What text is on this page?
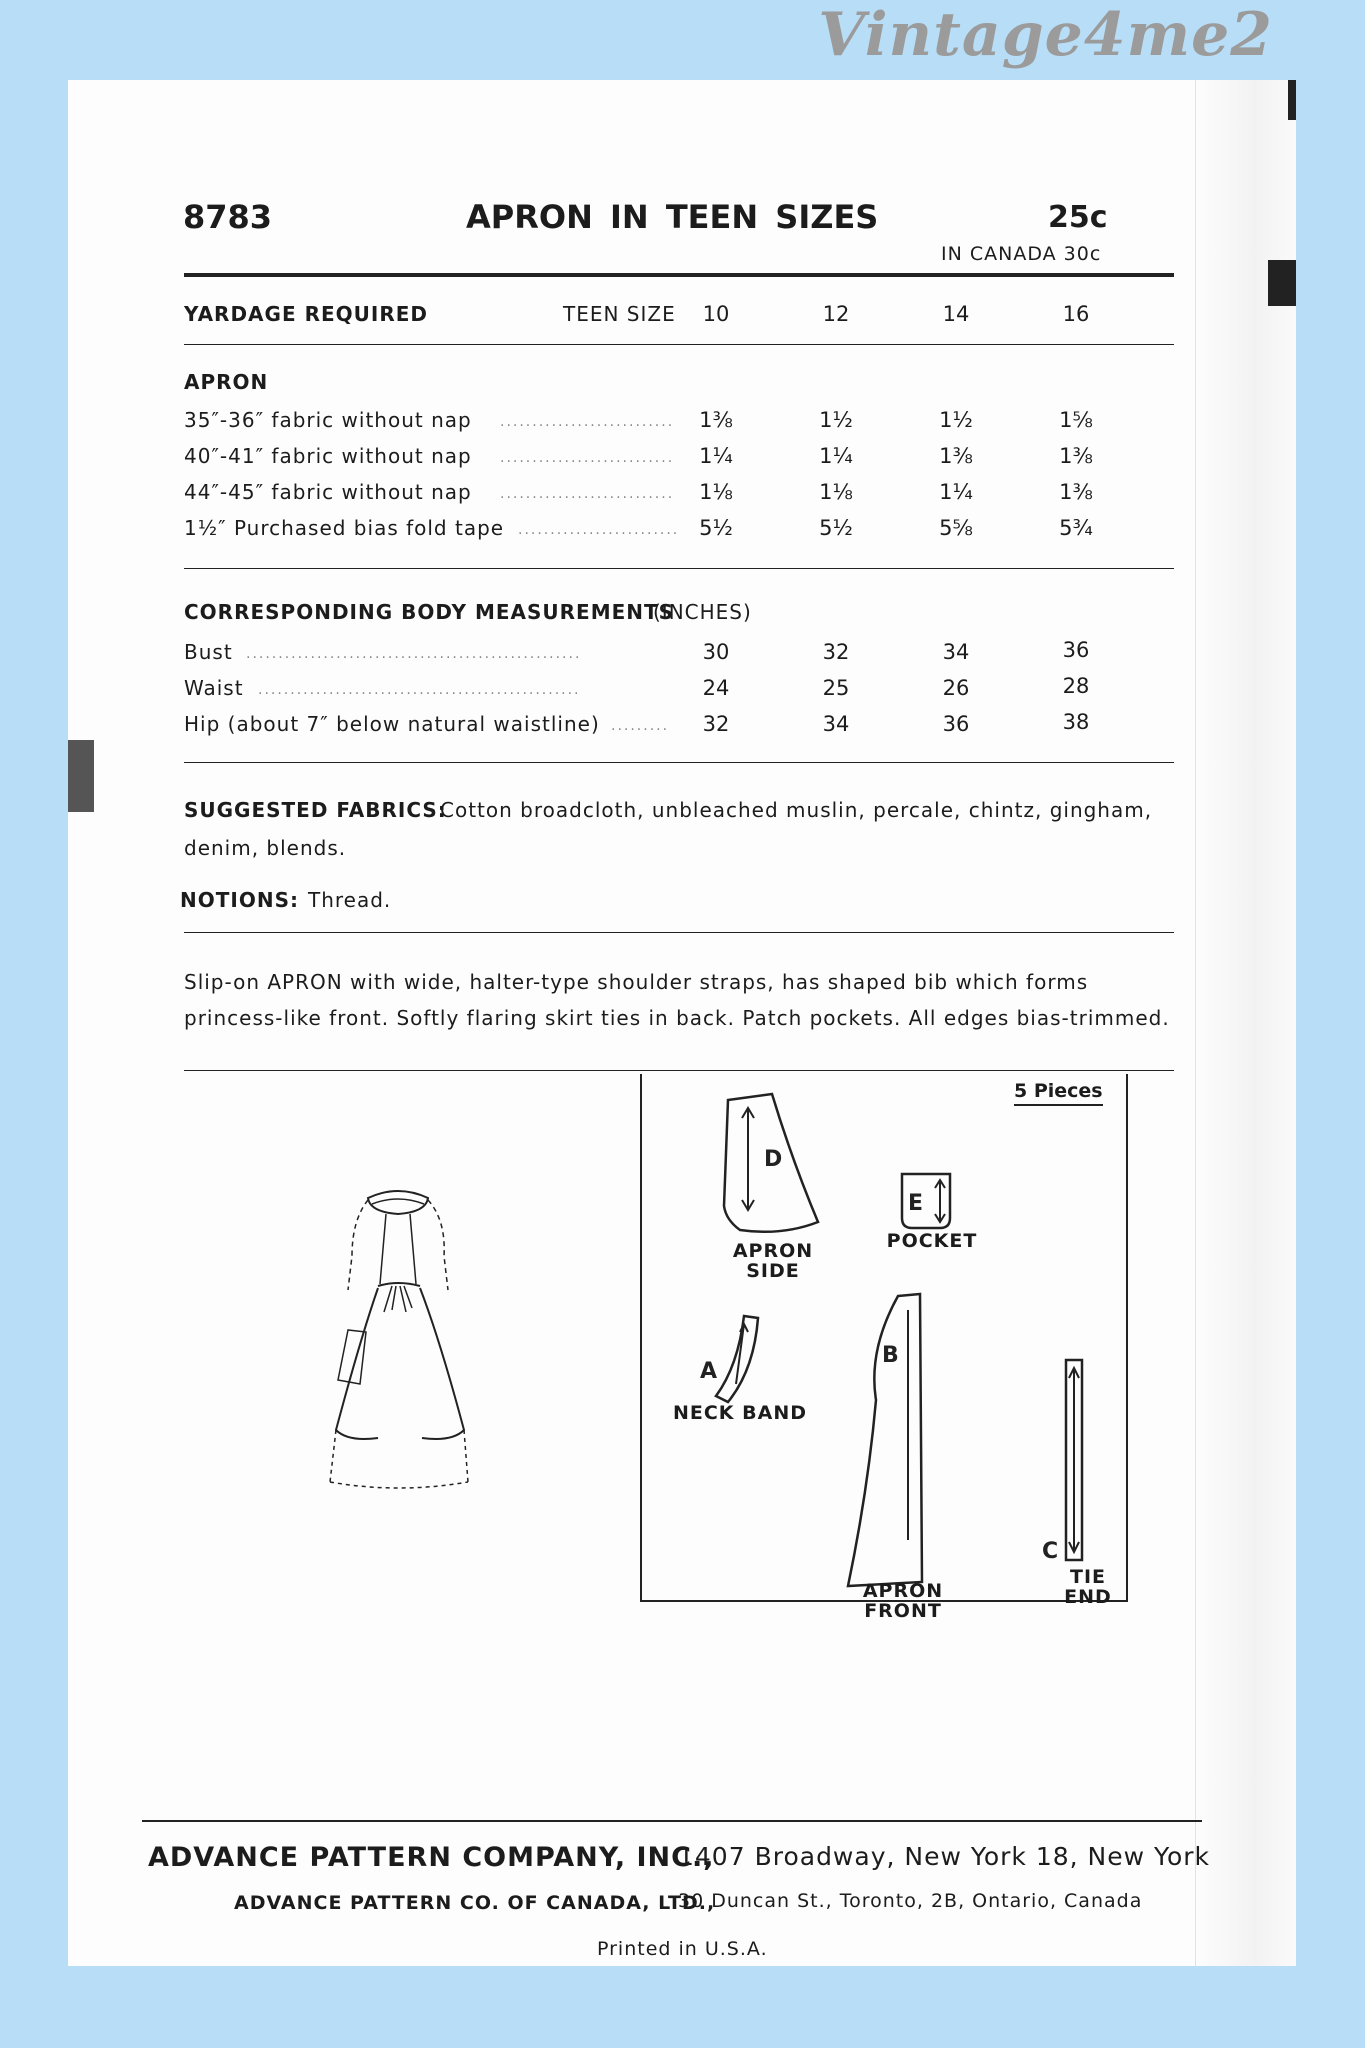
Vintage4me2
8783	APRON IN TEEN SIZES	25c
IN CANADA 30c
YARDAGE REQUIRED	TEEN SIZE	10	12	14	16
APRON
35″-36″ fabric without nap ...........................	1⅜	1½	1½	1⅝
40″-41″ fabric without nap ...........................	1¼	1¼	1⅜	1⅜
44″-45″ fabric without nap ...........................	1⅛	1⅛	1¼	1⅜
1½″ Purchased bias fold tape ......................... 5½	5½	5⅝	5¾
CORRESPONDING BODY MEASUREMENTS
(INCHES)
Bust ....................................................	30	32	34	36
Waist ..................................................	24	25	26	28
Hip (about 7″ below natural waistline) .........	32	34	36	38
SUGGESTED FABRICS:
Cotton broadcloth, unbleached muslin, percale, chintz, gingham,
denim, blends.
NOTIONS: Thread.
Slip-on APRON with wide, halter-type shoulder straps, has shaped bib which forms
princess-like front. Softly flaring skirt ties in back. Patch pockets. All edges bias-trimmed.
5 Pieces
D
APRON
SIDE
E
POCKET
A
NECK BAND
B
APRON
FRONT
C
TIE
END
ADVANCE PATTERN COMPANY, INC.,
1407 Broadway, New York 18, New York
ADVANCE PATTERN CO. OF CANADA, LTD.,
30 Duncan St., Toronto, 2B, Ontario, Canada
Printed in U.S.A.
